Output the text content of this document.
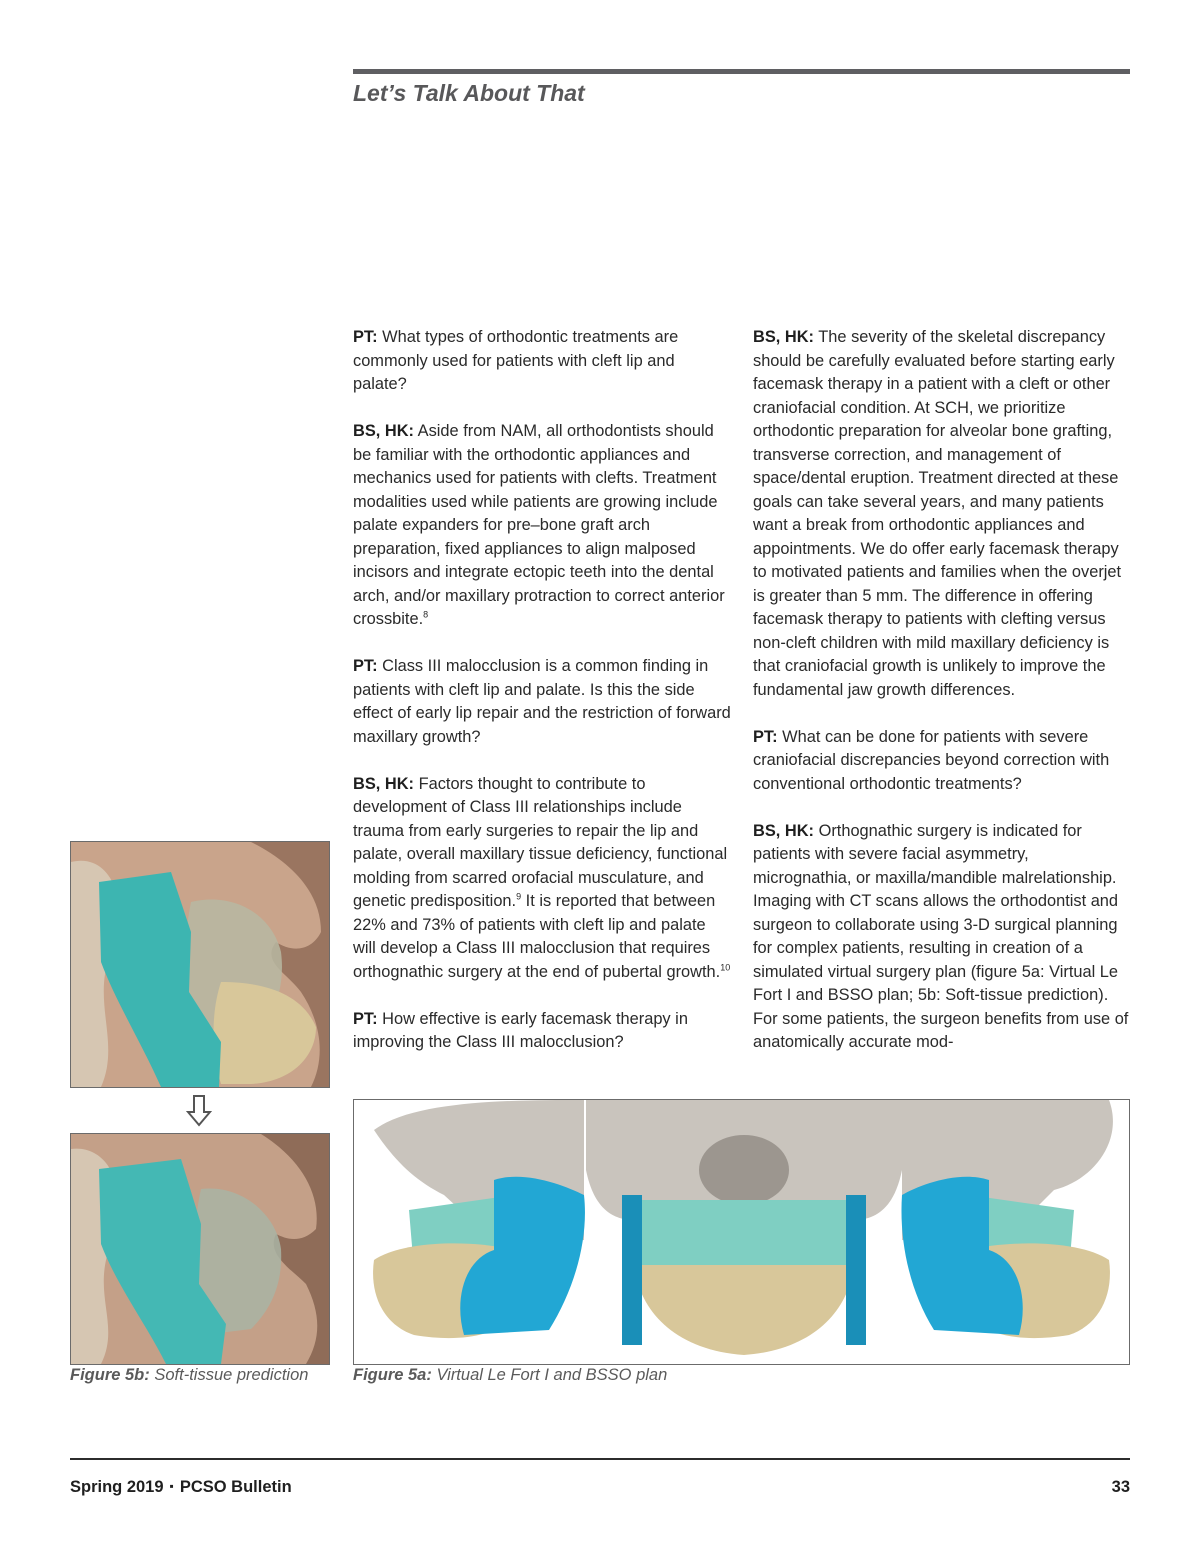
Let’s Talk About That

PT: What types of orthodontic treatments are commonly used for patients with cleft lip and palate?

BS, HK: Aside from NAM, all orthodontists should be familiar with the orthodontic appliances and mechanics used for patients with clefts. Treatment modalities used while patients are growing include palate expanders for pre–bone graft arch preparation, fixed appliances to align malposed incisors and integrate ectopic teeth into the dental arch, and/or maxillary protraction to correct anterior crossbite.$^8$

PT: Class III malocclusion is a common finding in patients with cleft lip and palate. Is this the side effect of early lip repair and the restriction of forward maxillary growth?

BS, HK: Factors thought to contribute to development of Class III relationships include trauma from early surgeries to repair the lip and palate, overall maxillary tissue deficiency, functional molding from scarred orofacial musculature, and genetic predisposition.$^9$ It is reported that between 22% and 73% of patients with cleft lip and palate will develop a Class III malocclusion that requires orthognathic surgery at the end of pubertal growth.$^{10}$

PT: How effective is early facemask therapy in improving the Class III malocclusion?

BS, HK: The severity of the skeletal discrepancy should be carefully evaluated before starting early facemask therapy in a patient with a cleft or other craniofacial condition. At SCH, we prioritize orthodontic preparation for alveolar bone grafting, transverse correction, and management of space/dental eruption. Treatment directed at these goals can take several years, and many patients want a break from orthodontic appliances and appointments. We do offer early facemask therapy to motivated patients and families when the overjet is greater than 5 mm. The difference in offering facemask therapy to patients with clefting versus non-cleft children with mild maxillary deficiency is that craniofacial growth is unlikely to improve the fundamental jaw growth differences.

PT: What can be done for patients with severe craniofacial discrepancies beyond correction with conventional orthodontic treatments?

BS, HK: Orthognathic surgery is indicated for patients with severe facial asymmetry, micrognathia, or maxilla/mandible malrelationship. Imaging with CT scans allows the orthodontist and surgeon to collaborate using 3-D surgical planning for complex patients, resulting in creation of a simulated virtual surgery plan (figure 5a: Virtual Le Fort I and BSSO plan; 5b: Soft-tissue prediction). For some patients, the surgeon benefits from use of anatomically accurate mod-

Figure 5b: Soft-tissue prediction	Figure 5a: Virtual Le Fort I and BSSO plan
Spring 2019 ▪ PCSO Bulletin	33
